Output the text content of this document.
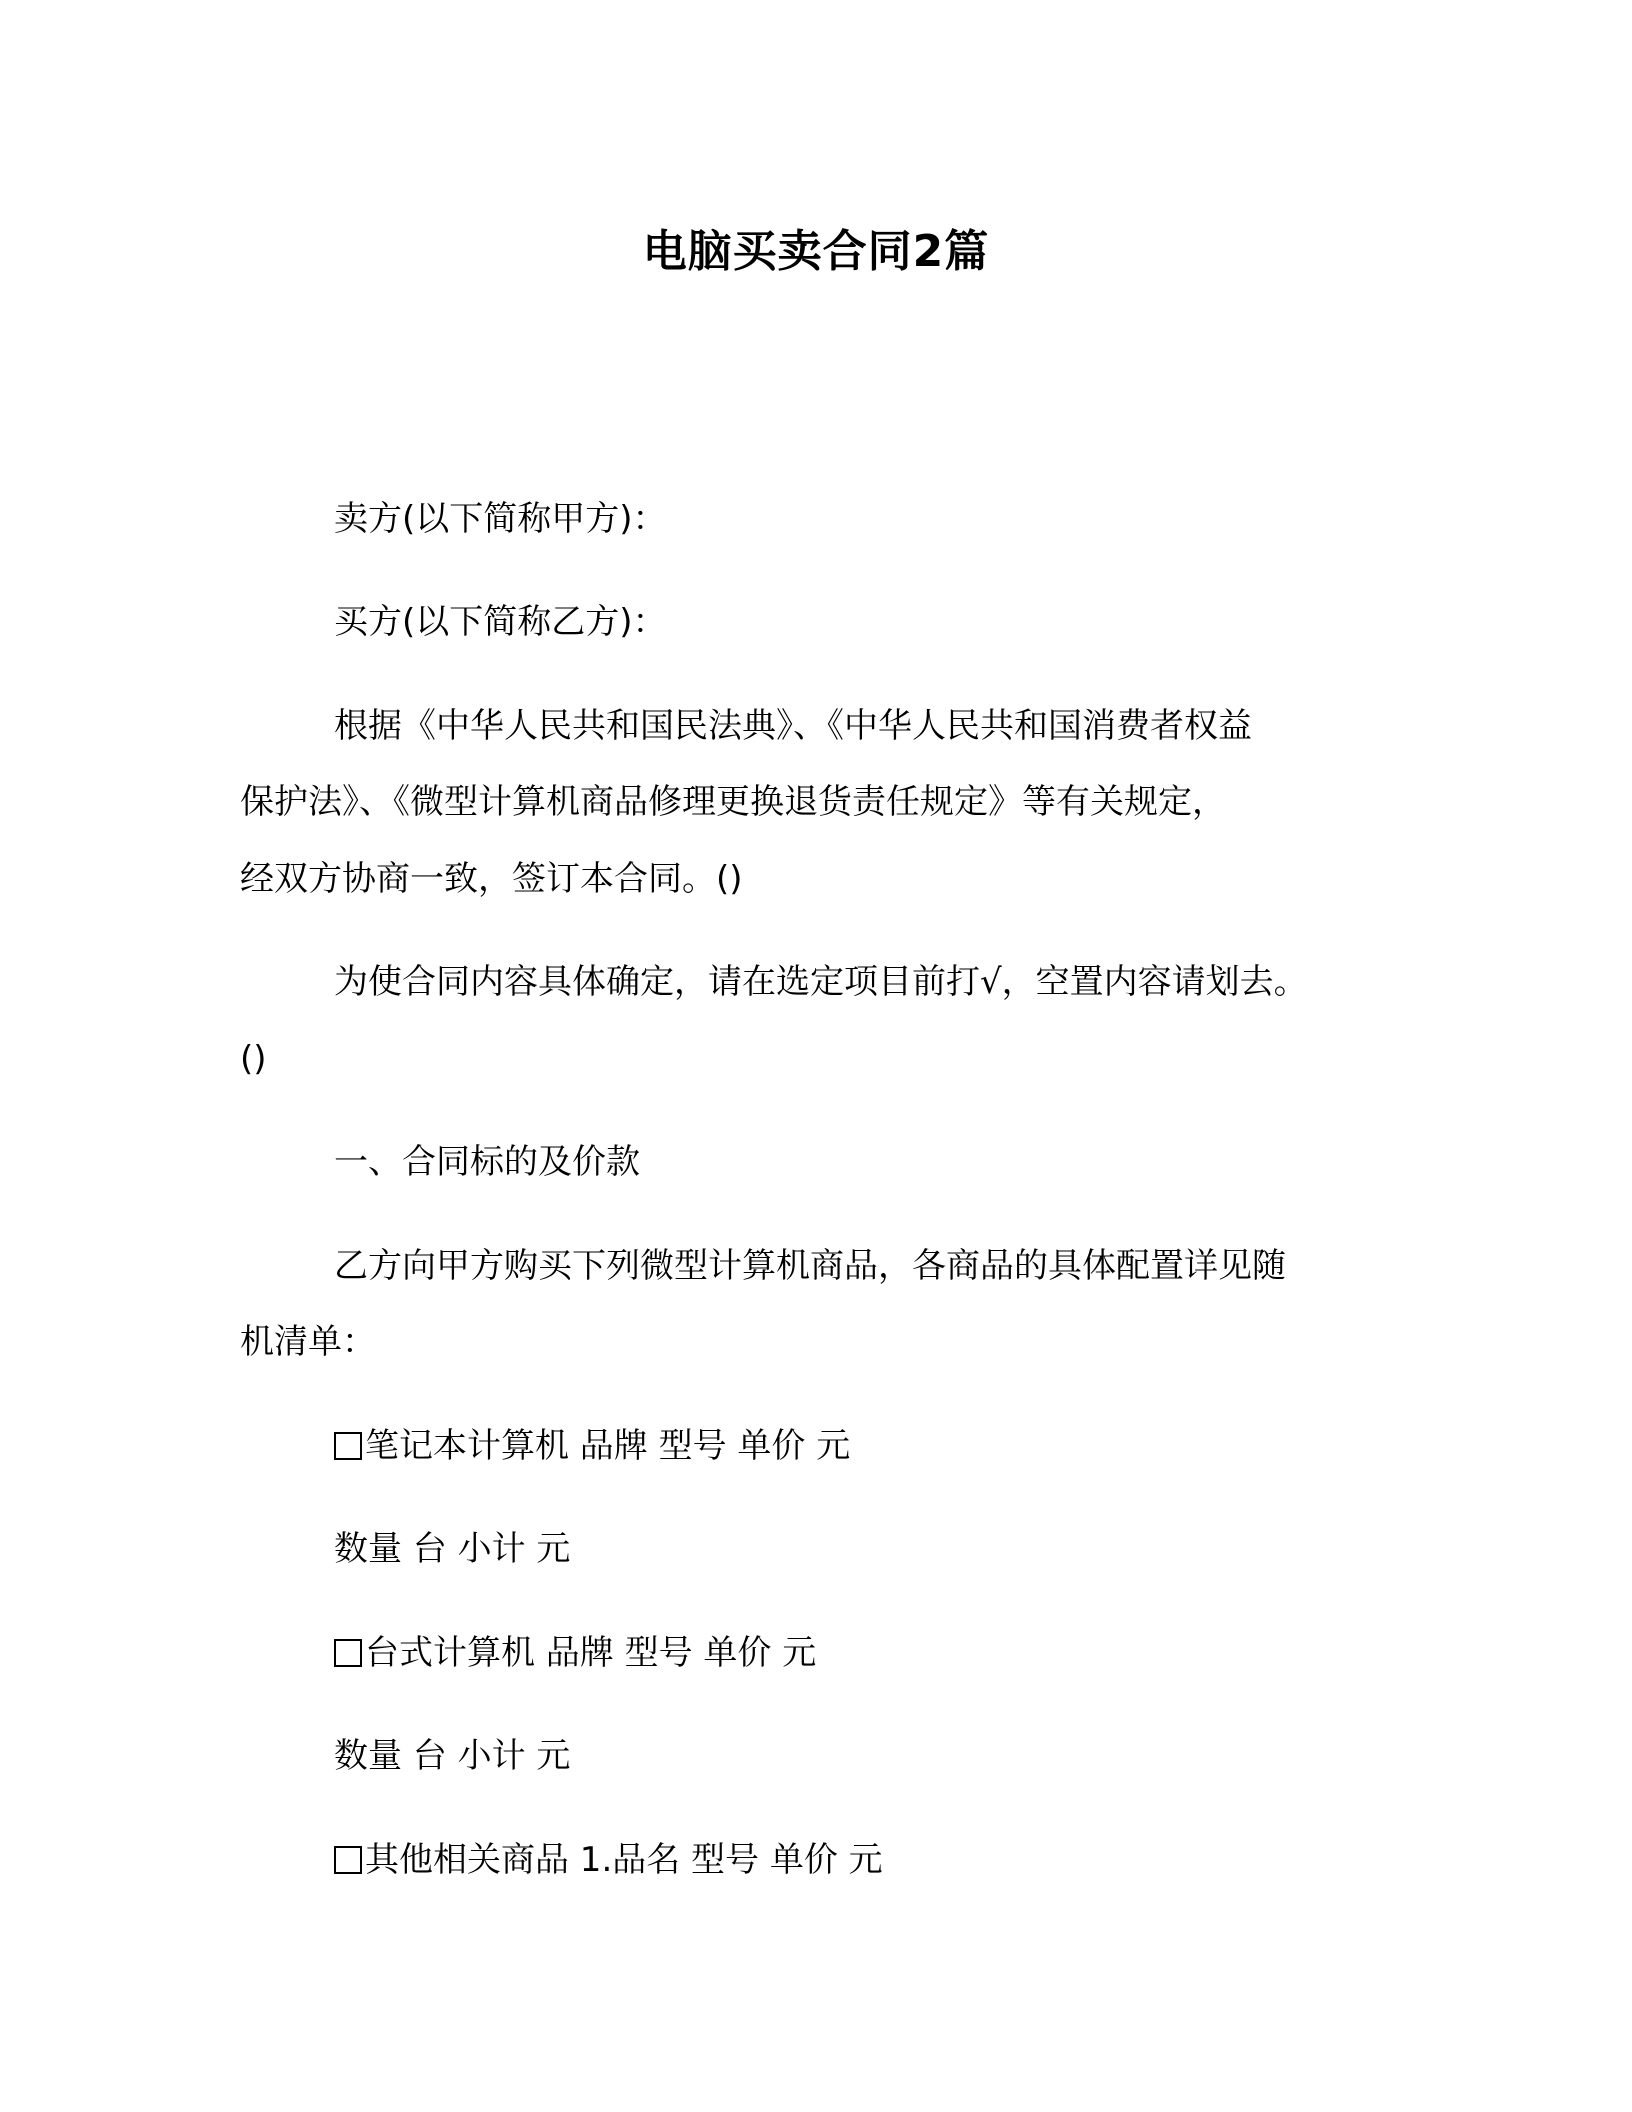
电脑买卖合同2篇
卖方(以下简称甲方)：
买方(以下简称乙方)：
根据《中华人民共和国民法典》、《中华人民共和国消费者权益
保护法》、《微型计算机商品修理更换退货责任规定》等有关规定，
经双方协商一致，签订本合同。()
为使合同内容具体确定，请在选定项目前打√，空置内容请划去。
()
一、合同标的及价款
乙方向甲方购买下列微型计算机商品，各商品的具体配置详见随
机清单：
笔记本计算机 品牌 型号 单价 元
数量 台 小计 元
台式计算机 品牌 型号 单价 元
数量 台 小计 元
其他相关商品 1.品名 型号 单价 元
